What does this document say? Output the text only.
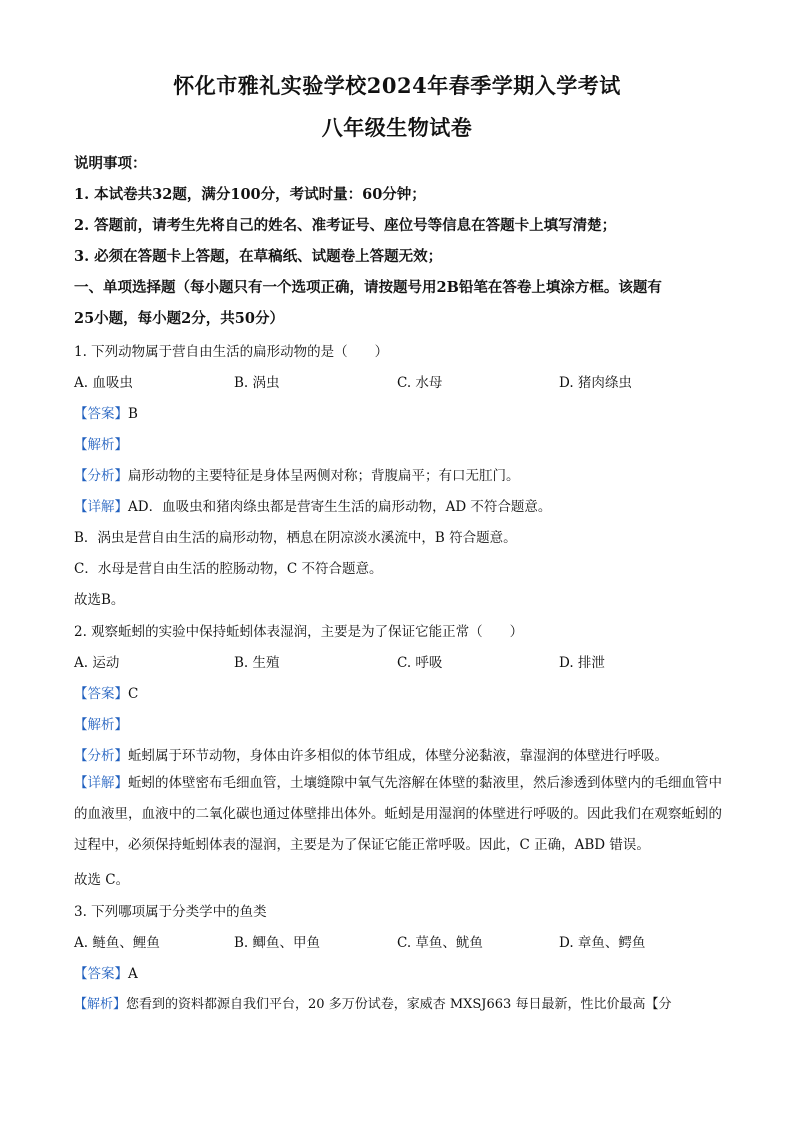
怀化市雅礼实验学校2024年春季学期入学考试
八年级生物试卷
说明事项：
1. 本试卷共32题，满分100分，考试时量：60分钟；
2. 答题前，请考生先将自己的姓名、准考证号、座位号等信息在答题卡上填写清楚；
3. 必须在答题卡上答题，在草稿纸、试题卷上答题无效；
一、单项选择题（每小题只有一个选项正确，请按题号用2B铅笔在答卷上填涂方框。该题有
25小题，每小题2分，共50分）
1. 下列动物属于营自由生活的扁形动物的是（　　）
A. 血吸虫	B. 涡虫	C. 水母	D. 猪肉绦虫
【答案】B
【解析】
【分析】扁形动物的主要特征是身体呈两侧对称；背腹扁平；有口无肛门。
【详解】AD．血吸虫和猪肉绦虫都是营寄生生活的扁形动物，AD 不符合题意。
B．涡虫是营自由生活的扁形动物，栖息在阴凉淡水溪流中，B 符合题意。
C．水母是营自由生活的腔肠动物，C 不符合题意。
故选B。
2. 观察蚯蚓的实验中保持蚯蚓体表湿润，主要是为了保证它能正常（　　）
A. 运动	B. 生殖	C. 呼吸	D. 排泄
【答案】C
【解析】
【分析】蚯蚓属于环节动物，身体由许多相似的体节组成，体壁分泌黏液，靠湿润的体壁进行呼吸。
【详解】蚯蚓的体壁密布毛细血管，土壤缝隙中氧气先溶解在体壁的黏液里，然后渗透到体壁内的毛细血管中的血液里，血液中的二氧化碳也通过体壁排出体外。蚯蚓是用湿润的体壁进行呼吸的。因此我们在观察蚯蚓的过程中，必须保持蚯蚓体表的湿润，主要是为了保证它能正常呼吸。因此，C 正确，ABD 错误。
故选 C。
3. 下列哪项属于分类学中的鱼类
A. 鲢鱼、鲤鱼	B. 鲫鱼、甲鱼	C. 草鱼、鱿鱼	D. 章鱼、鳄鱼
【答案】A
【解析】您看到的资料都源自我们平台，20 多万份试卷，家威杏 MXSJ663 每日最新，性比价最高【分
